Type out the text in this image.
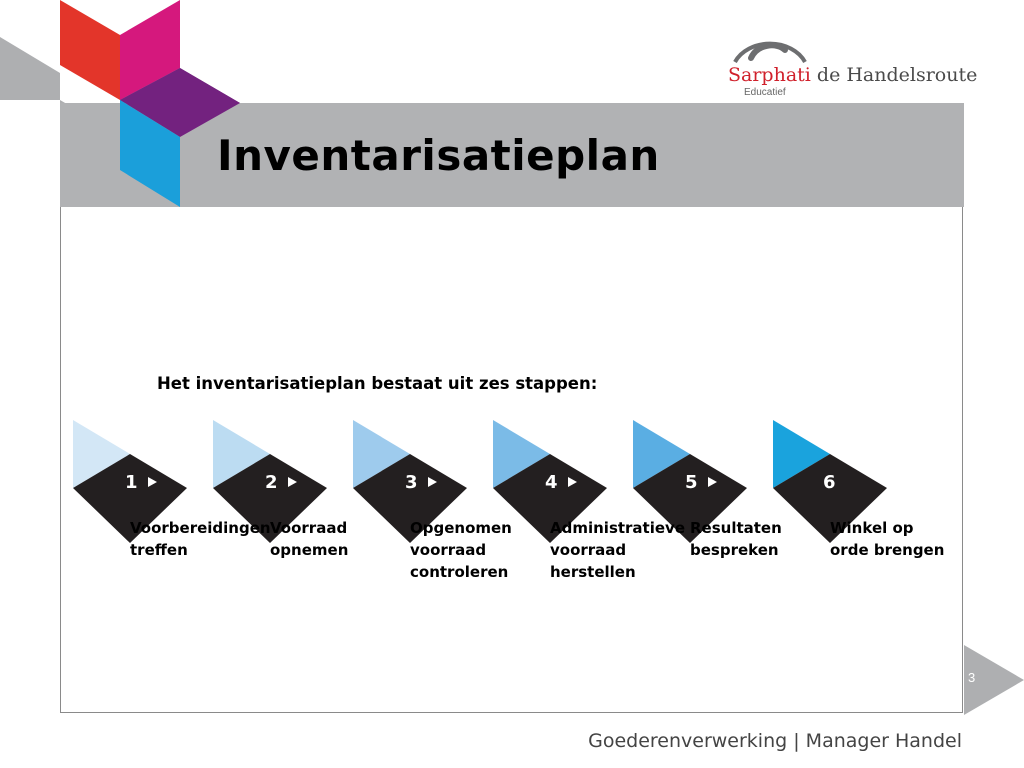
Inventarisatieplan
Sarphati de Handelsroute
Educatief
Het inventarisatieplan bestaat uit zes stappen:
1	2	3	4	5	6
Voorbereidingen
treffen
Voorraad
opnemen
Opgenomen
voorraad
controleren
Administratieve
voorraad
herstellen
Resultaten
bespreken
Winkel op
orde brengen
3
Goederenverwerking | Manager Handel
